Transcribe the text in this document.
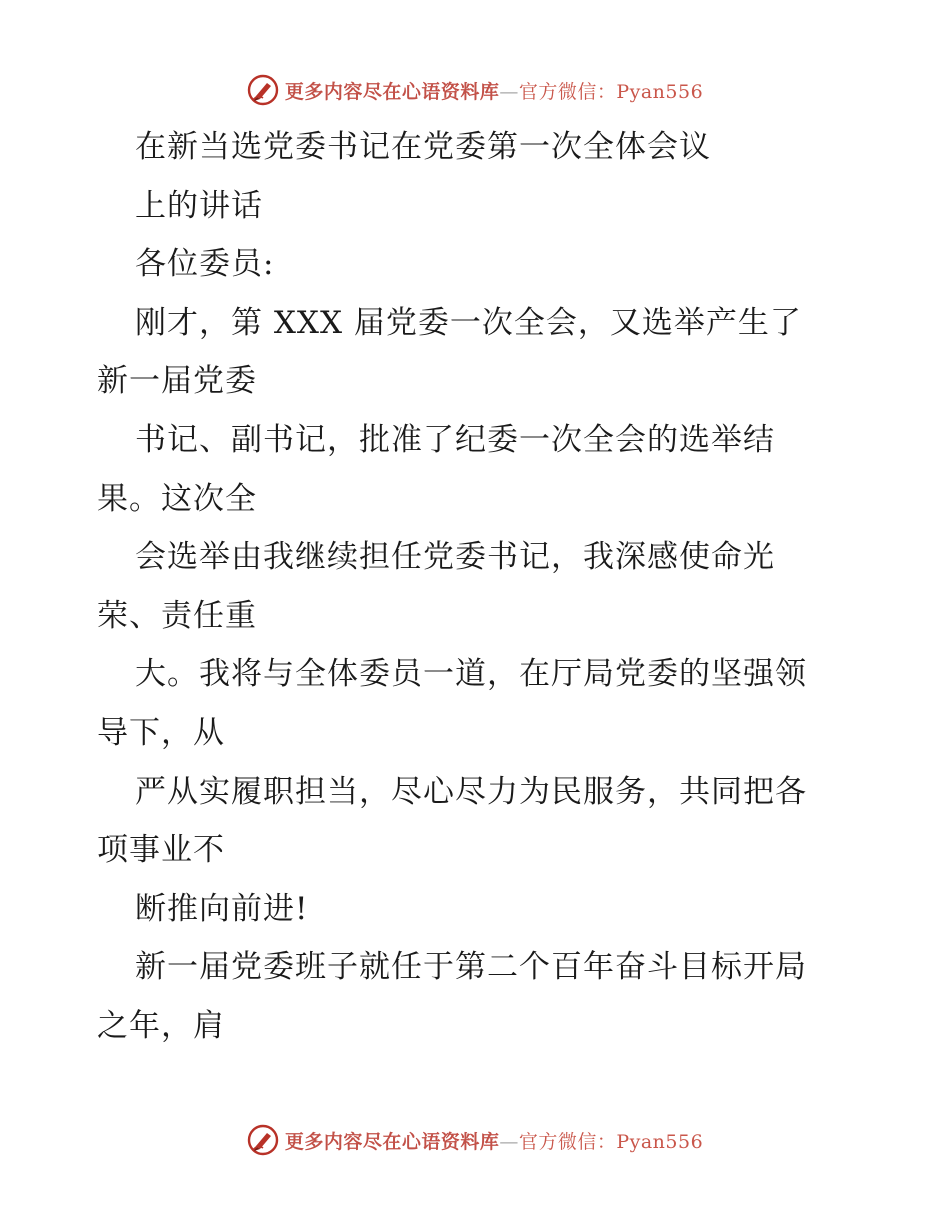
更多内容尽在心语资料库—官方微信：Pyan556
在新当选党委书记在党委第一次全体会议
上的讲话
各位委员:
刚才，第 XXX 届党委一次全会，又选举产生了
新一届党委
书记、副书记，批准了纪委一次全会的选举结
果。这次全
会选举由我继续担任党委书记，我深感使命光
荣、责任重
大。我将与全体委员一道，在厅局党委的坚强领
导下，从
严从实履职担当，尽心尽力为民服务，共同把各
项事业不
断推向前进!
新一届党委班子就任于第二个百年奋斗目标开局
之年，肩
更多内容尽在心语资料库—官方微信：Pyan556
